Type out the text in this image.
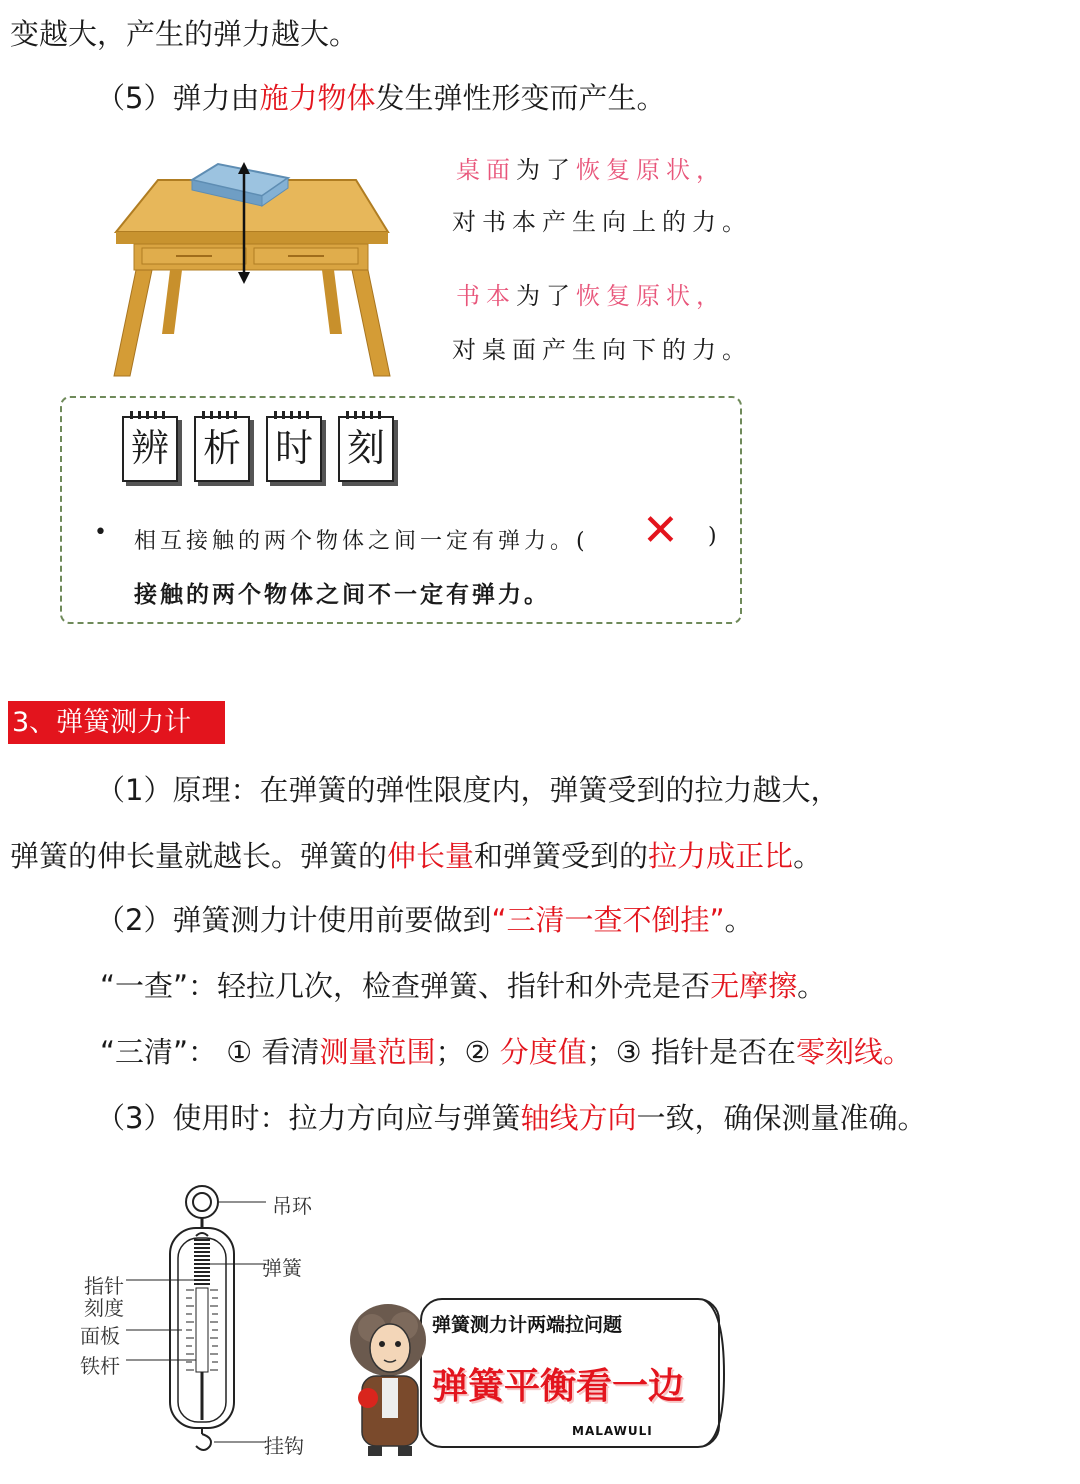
变越大，产生的弹力越大。
（5）弹力由施力物体发生弹性形变而产生。
桌面为了恢复原状，
对书本产生向上的力。
书本为了恢复原状，
对桌面产生向下的力。
辨 析 时 刻
• 相互接触的两个物体之间一定有弹力。( ✕ )
接触的两个物体之间不一定有弹力。
3、弹簧测力计
（1）原理：在弹簧的弹性限度内，弹簧受到的拉力越大，
弹簧的伸长量就越长。弹簧的伸长量和弹簧受到的拉力成正比。
（2）弹簧测力计使用前要做到“三清一查不倒挂”。
“一查”：轻拉几次，检查弹簧、指针和外壳是否无摩擦。
“三清”： ① 看清测量范围；② 分度值；③ 指针是否在零刻线。
（3）使用时：拉力方向应与弹簧轴线方向一致，确保测量准确。
吊环
弹簧
指针
刻度
面板
铁杆
挂钩
弹簧测力计两端拉问题
弹簧平衡看一边
MALAWULI
